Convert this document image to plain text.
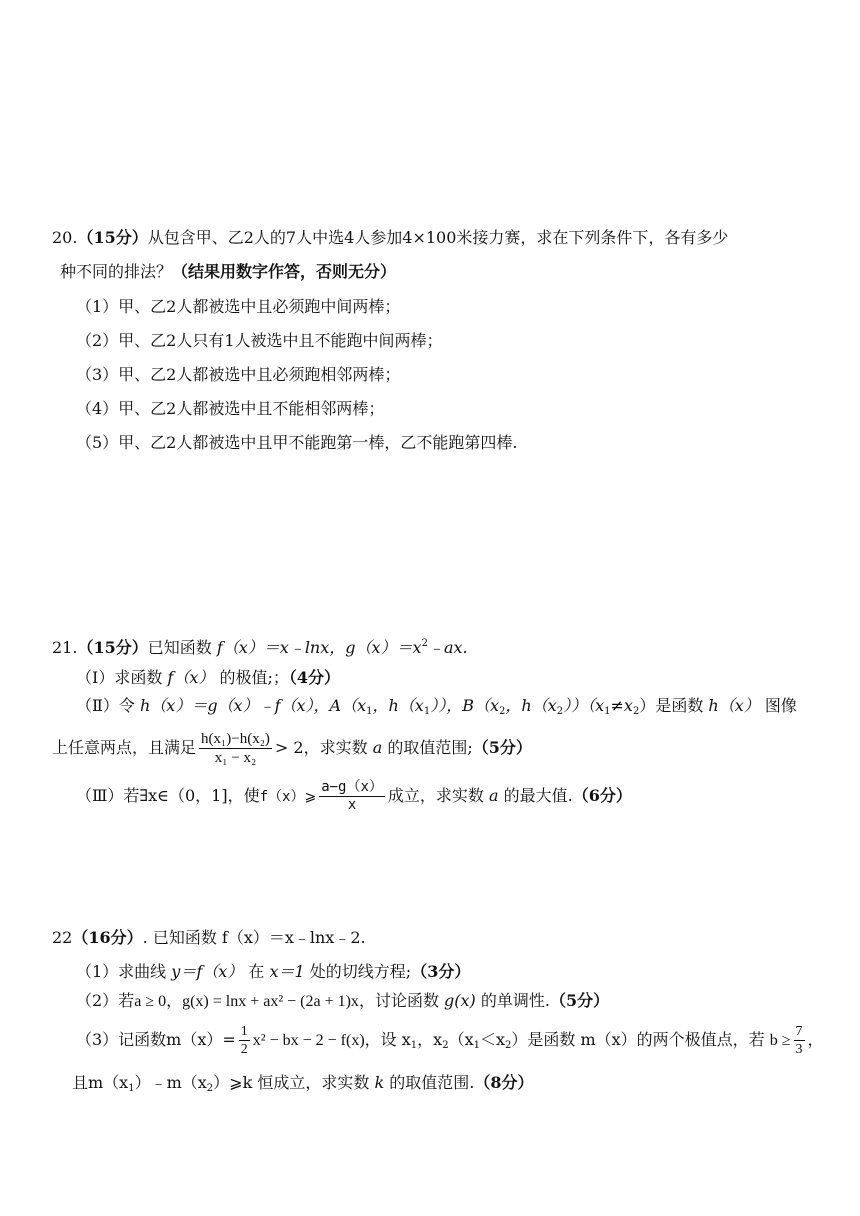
20.（15分）从包含甲、乙2人的7人中选4人参加4×100米接力赛，求在下列条件下，各有多少
种不同的排法？（结果用数字作答，否则无分）
（1）甲、乙2人都被选中且必须跑中间两棒；
（2）甲、乙2人只有1人被选中且不能跑中间两棒；
（3）甲、乙2人都被选中且必须跑相邻两棒；
（4）甲、乙2人都被选中且不能相邻两棒；
（5）甲、乙2人都被选中且甲不能跑第一棒，乙不能跑第四棒.
21.（15分）已知函数 f（x）＝x﹣lnx，$g(x)=x^2﹣ax$.
（Ⅰ）求函数 f（x） 的极值;；（4分）
（Ⅱ）令 h（x）＝g（x）﹣f（x），$A(x_1$，$h(x_1)$），$B(x_2$，$h(x_2))(x_1\ne x_2)$是函数 h（x） 图像
上任意两点，且满足 $\frac{\text{h(x₁)−h(x₂)}}{\text{x₁ − x₂}} > 2$，求实数 a 的取值范围;（5分）
（Ⅲ）若∃x∈（0，1]，使f（x）⩾ $\frac{a-g(x)}{x}$ 成立，求实数 a 的最大值.（6分）
22（16分）. 已知函数 f（x）＝x﹣lnx﹣2.
（1）求曲线 y＝f（x） 在 x＝1 处的切线方程;（3分）
（2）若a ≥ 0，g(x) = lnx + ax² − (2a + 1)x，讨论函数 g(x) 的单调性.（5分）
（3）记函数$m(x)= \frac{1}{2} x^2$ − bx − 2 − f(x)，设 $x_1$，$x_2(x_1<x_2)$是函数 m（x）的两个极值点，若 $b \ge \frac{7}{3}$ ，
且$m(x_1)﹣m(x_2)⩾k$ 恒成立，求实数 k 的取值范围.（8分）
